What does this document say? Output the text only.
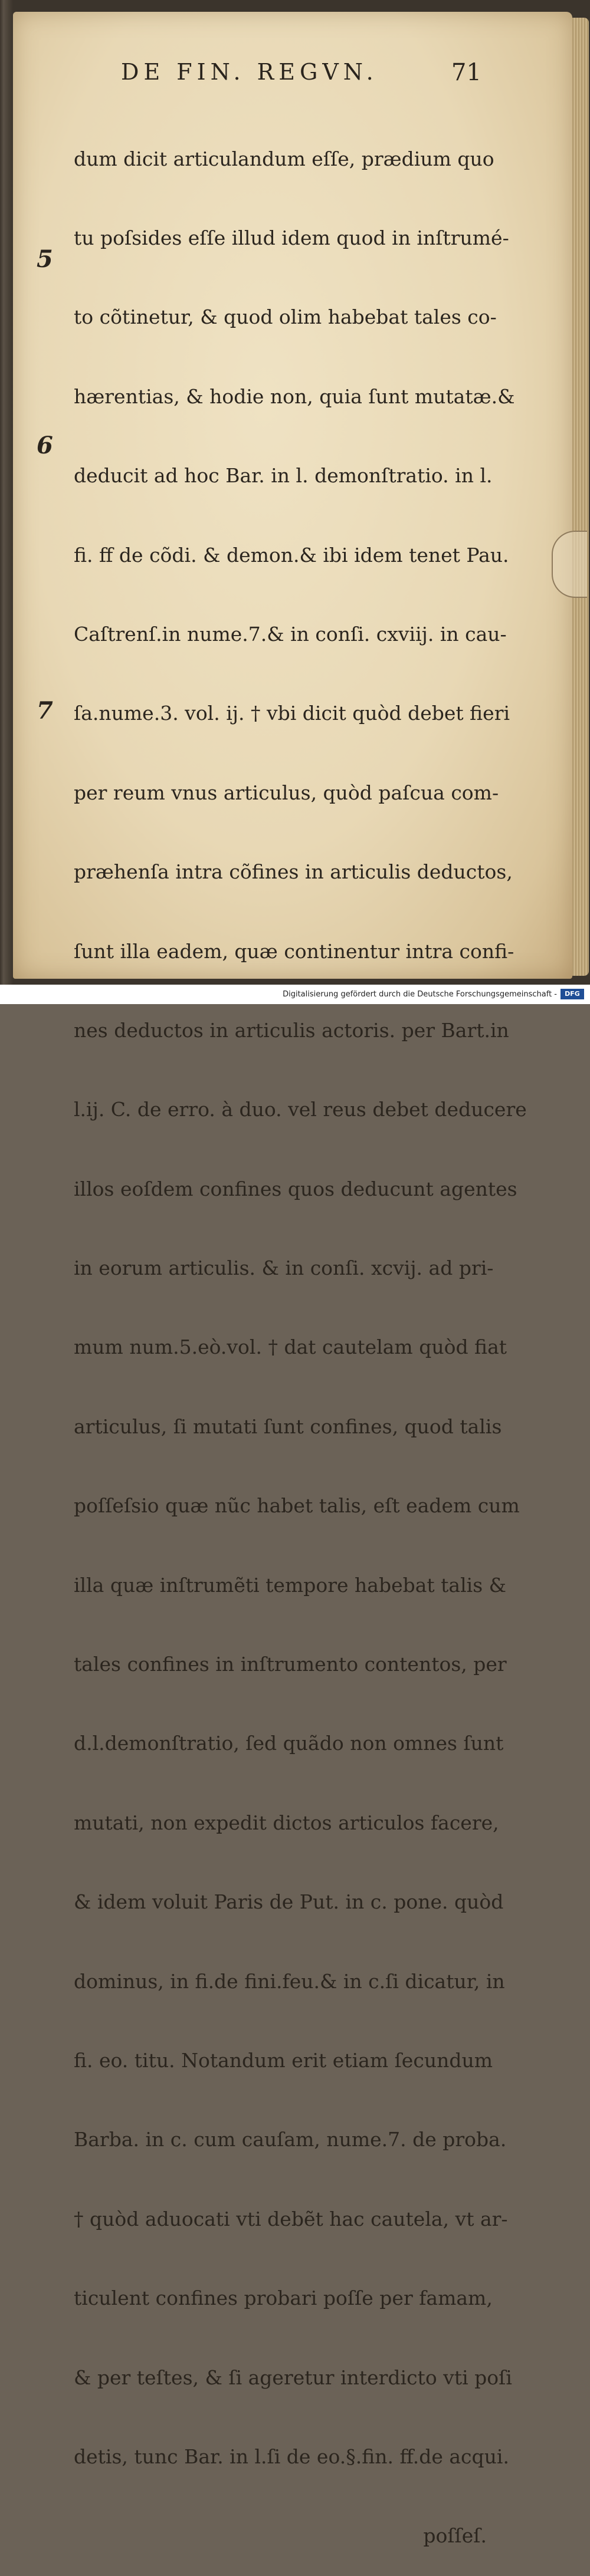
DE FIN. REGVN.	71
5
6
7

dum dicit articulandum eſſe, prædium quo

tu poſsides eſſe illud idem quod in inſtrumé-

to cõtinetur, & quod olim habebat tales co-

hærentias, & hodie non, quia ſunt mutatæ.&

deducit ad hoc Bar. in l. demonſtratio. in l.

fi. ff de cõdi. & demon.& ibi idem tenet Pau.

Caſtrenſ.in nume.7.& in conſi. cxviij. in cau-

ſa.nume.3. vol. ij. † vbi dicit quòd debet fieri

per reum vnus articulus, quòd paſcua com-

præhenſa intra cõfines in articulis deductos,

ſunt illa eadem, quæ continentur intra confi-

nes deductos in articulis actoris. per Bart.in

l.ij. C. de erro. à duo. vel reus debet deducere

illos eoſdem confines quos deducunt agentes

in eorum articulis. & in conſi. xcvij. ad pri-

mum num.5.eò.vol. † dat cautelam quòd fiat

articulus, ſi mutati ſunt confines, quod talis

poſſeſsio quæ nũc habet talis, eſt eadem cum

illa quæ inſtrumẽti tempore habebat talis &

tales confines in inſtrumento contentos, per

d.l.demonſtratio, ſed quãdo non omnes ſunt

mutati, non expedit dictos articulos facere,

& idem voluit Paris de Put. in c. pone. quòd

dominus, in fi.de fini.feu.& in c.ſi dicatur, in

fi. eo. titu. Notandum erit etiam ſecundum

Barba. in c. cum cauſam, nume.7. de proba.

† quòd aduocati vti debẽt hac cautela, vt ar-

ticulent confines probari poſſe per famam,

& per teſtes, & ſi ageretur interdicto vti poſi

detis, tunc Bar. in l.ſi de eo.§.fin. ff.de acqui.

poſſeſ.

Digitalisierung gefördert durch die Deutsche Forschungsgemeinschaft -	DFG
